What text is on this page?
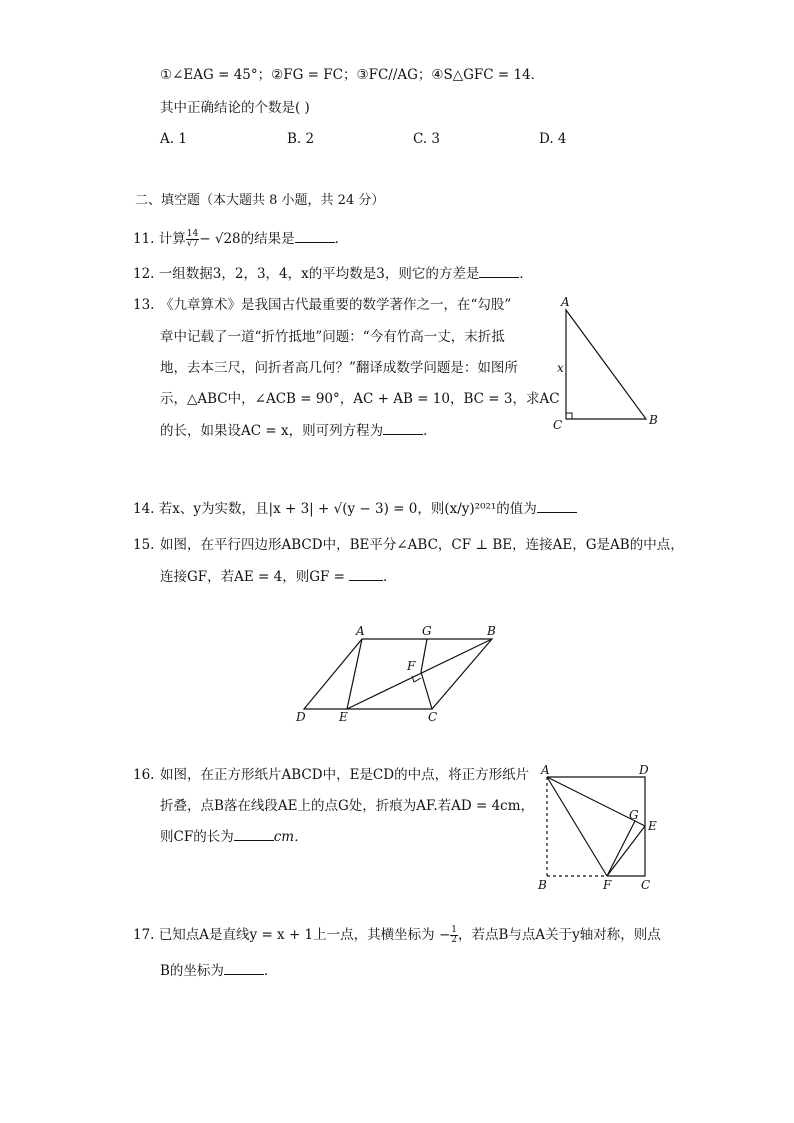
①∠EAG = 45°；②FG = FC；③FC//AG；④S△GFC = 14．
其中正确结论的个数是( )
A. 1	B. 2	C. 3	D. 4
二、填空题（本大题共 8 小题，共 24 分）
11. 计算 $\frac{14}{√7} - √28$的结果是	．
12. 一组数据3，2，3，4，x的平均数是3，则它的方差是	．
13. 《九章算术》是我国古代最重要的数学著作之一，在“勾股”
章中记载了一道“折竹抵地”问题：“今有竹高一丈，末折抵
地，去本三尺，问折者高几何？”翻译成数学问题是：如图所
示，△ABC中，∠ACB = 90°，AC + AB = 10，BC = 3，求AC
的长，如果设AC = x，则可列方程为	．
A
B
C
x
14. 若x、y为实数，且|x + 3| + √(y − 3) = 0，则(x/y)²⁰²¹的值为
15. 如图，在平行四边形ABCD中，BE平分∠ABC，CF ⊥ BE，连接AE，G是AB的中点，
连接GF，若AE = 4，则GF =	．
A	G	B
F
D	E	C
16. 如图，在正方形纸片ABCD中，E是CD的中点，将正方形纸片
折叠，点B落在线段AE上的点G处，折痕为AF.若AD = 4cm，
则CF的长为	cm．
A	D
G
E
B	F C
17. 已知点A是直线y = x + 1上一点，其横坐标为 − $\frac{1}{2}$ ，若点B与点A关于y轴对称，则点
B的坐标为	．
